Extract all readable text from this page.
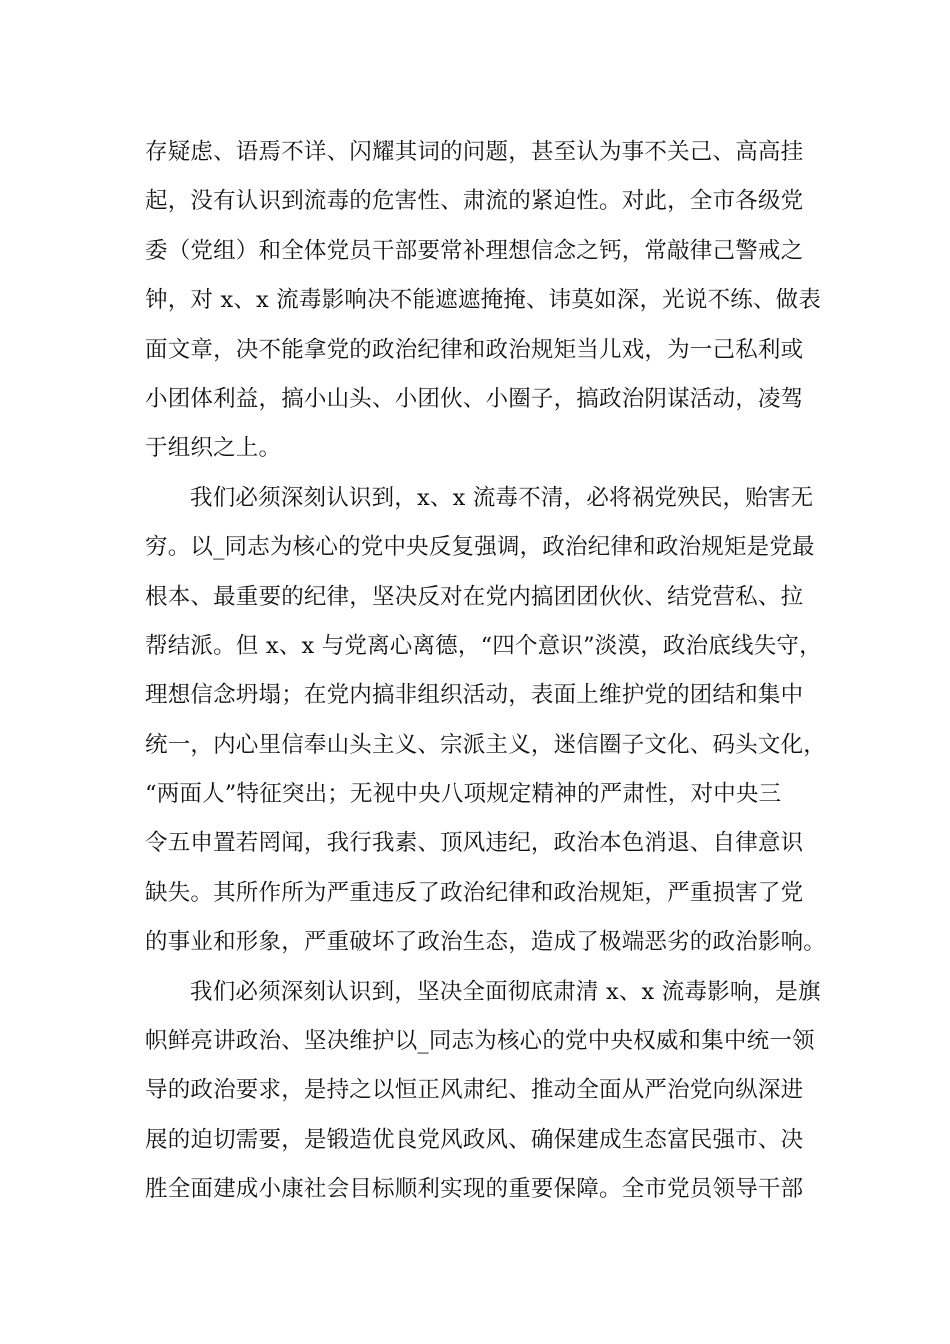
存疑虑、语焉不详、闪耀其词的问题，甚至认为事不关己、高高挂
起，没有认识到流毒的危害性、肃流的紧迫性。对此，全市各级党
委（党组）和全体党员干部要常补理想信念之钙，常敲律己警戒之
钟，对 x、x 流毒影响决不能遮遮掩掩、讳莫如深，光说不练、做表
面文章，决不能拿党的政治纪律和政治规矩当儿戏，为一己私利或
小团体利益，搞小山头、小团伙、小圈子，搞政治阴谋活动，凌驾
于组织之上。
我们必须深刻认识到，x、x 流毒不清，必将祸党殃民，贻害无
穷。以_同志为核心的党中央反复强调，政治纪律和政治规矩是党最
根本、最重要的纪律，坚决反对在党内搞团团伙伙、结党营私、拉
帮结派。但 x、x 与党离心离德，“四个意识”淡漠，政治底线失守，
理想信念坍塌；在党内搞非组织活动，表面上维护党的团结和集中
统一，内心里信奉山头主义、宗派主义，迷信圈子文化、码头文化，
“两面人”特征突出；无视中央八项规定精神的严肃性，对中央三
令五申置若罔闻，我行我素、顶风违纪，政治本色消退、自律意识
缺失。其所作所为严重违反了政治纪律和政治规矩，严重损害了党
的事业和形象，严重破坏了政治生态，造成了极端恶劣的政治影响。
我们必须深刻认识到，坚决全面彻底肃清 x、x 流毒影响，是旗
帜鲜亮讲政治、坚决维护以_同志为核心的党中央权威和集中统一领
导的政治要求，是持之以恒正风肃纪、推动全面从严治党向纵深进
展的迫切需要，是锻造优良党风政风、确保建成生态富民强市、决
胜全面建成小康社会目标顺利实现的重要保障。全市党员领导干部
